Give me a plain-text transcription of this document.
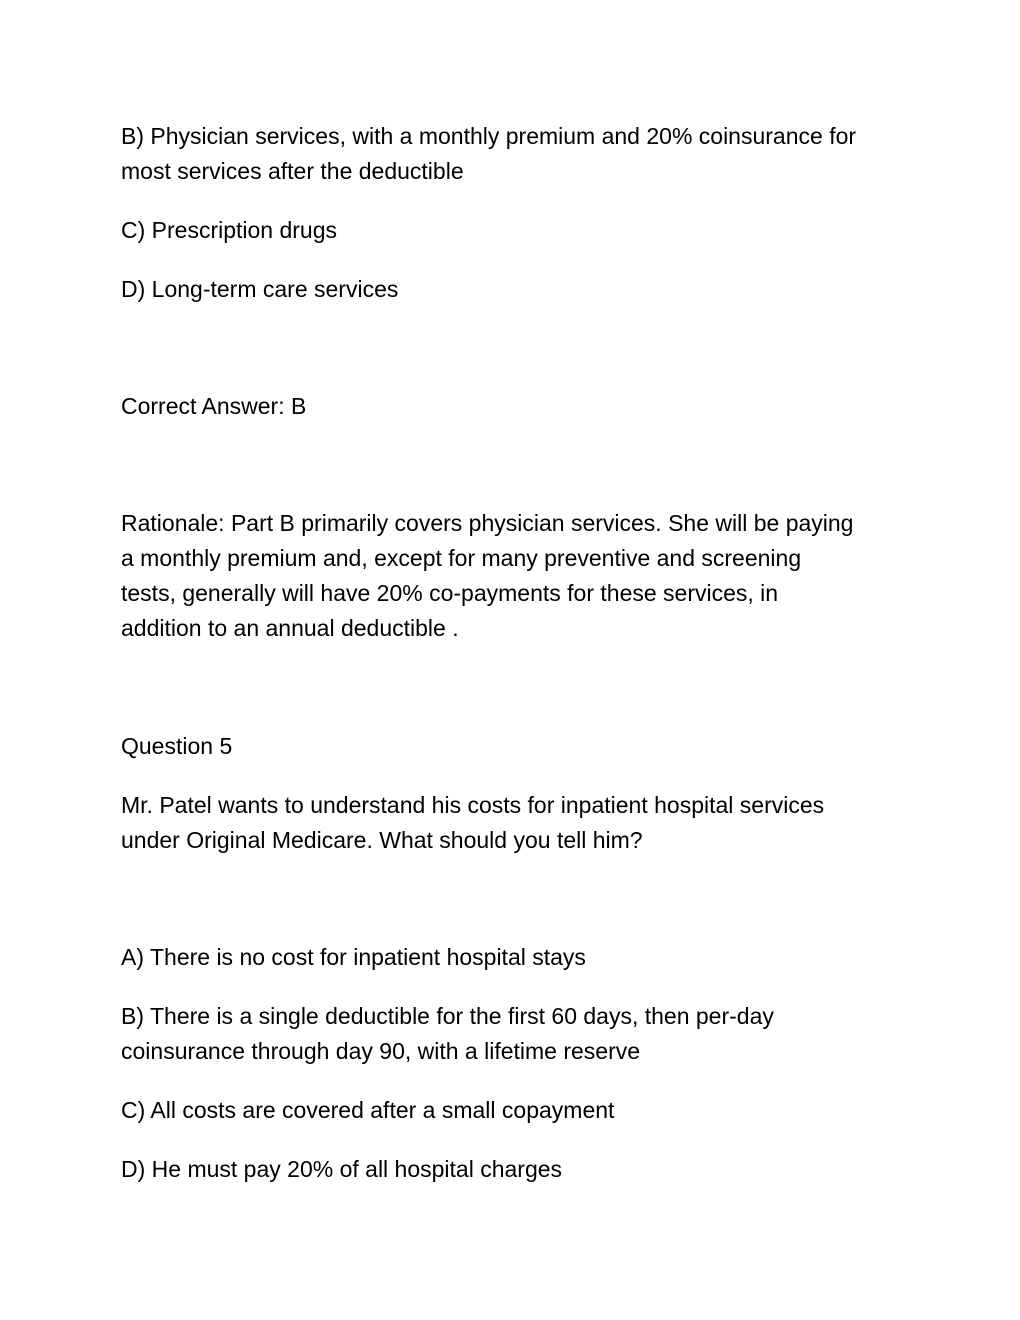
B) Physician services, with a monthly premium and 20% coinsurance for
most services after the deductible

C) Prescription drugs

D) Long-term care services

Correct Answer: B

Rationale: Part B primarily covers physician services. She will be paying
a monthly premium and, except for many preventive and screening
tests, generally will have 20% co-payments for these services, in
addition to an annual deductible .

Question 5

Mr. Patel wants to understand his costs for inpatient hospital services
under Original Medicare. What should you tell him?

A) There is no cost for inpatient hospital stays

B) There is a single deductible for the first 60 days, then per-day
coinsurance through day 90, with a lifetime reserve

C) All costs are covered after a small copayment

D) He must pay 20% of all hospital charges
